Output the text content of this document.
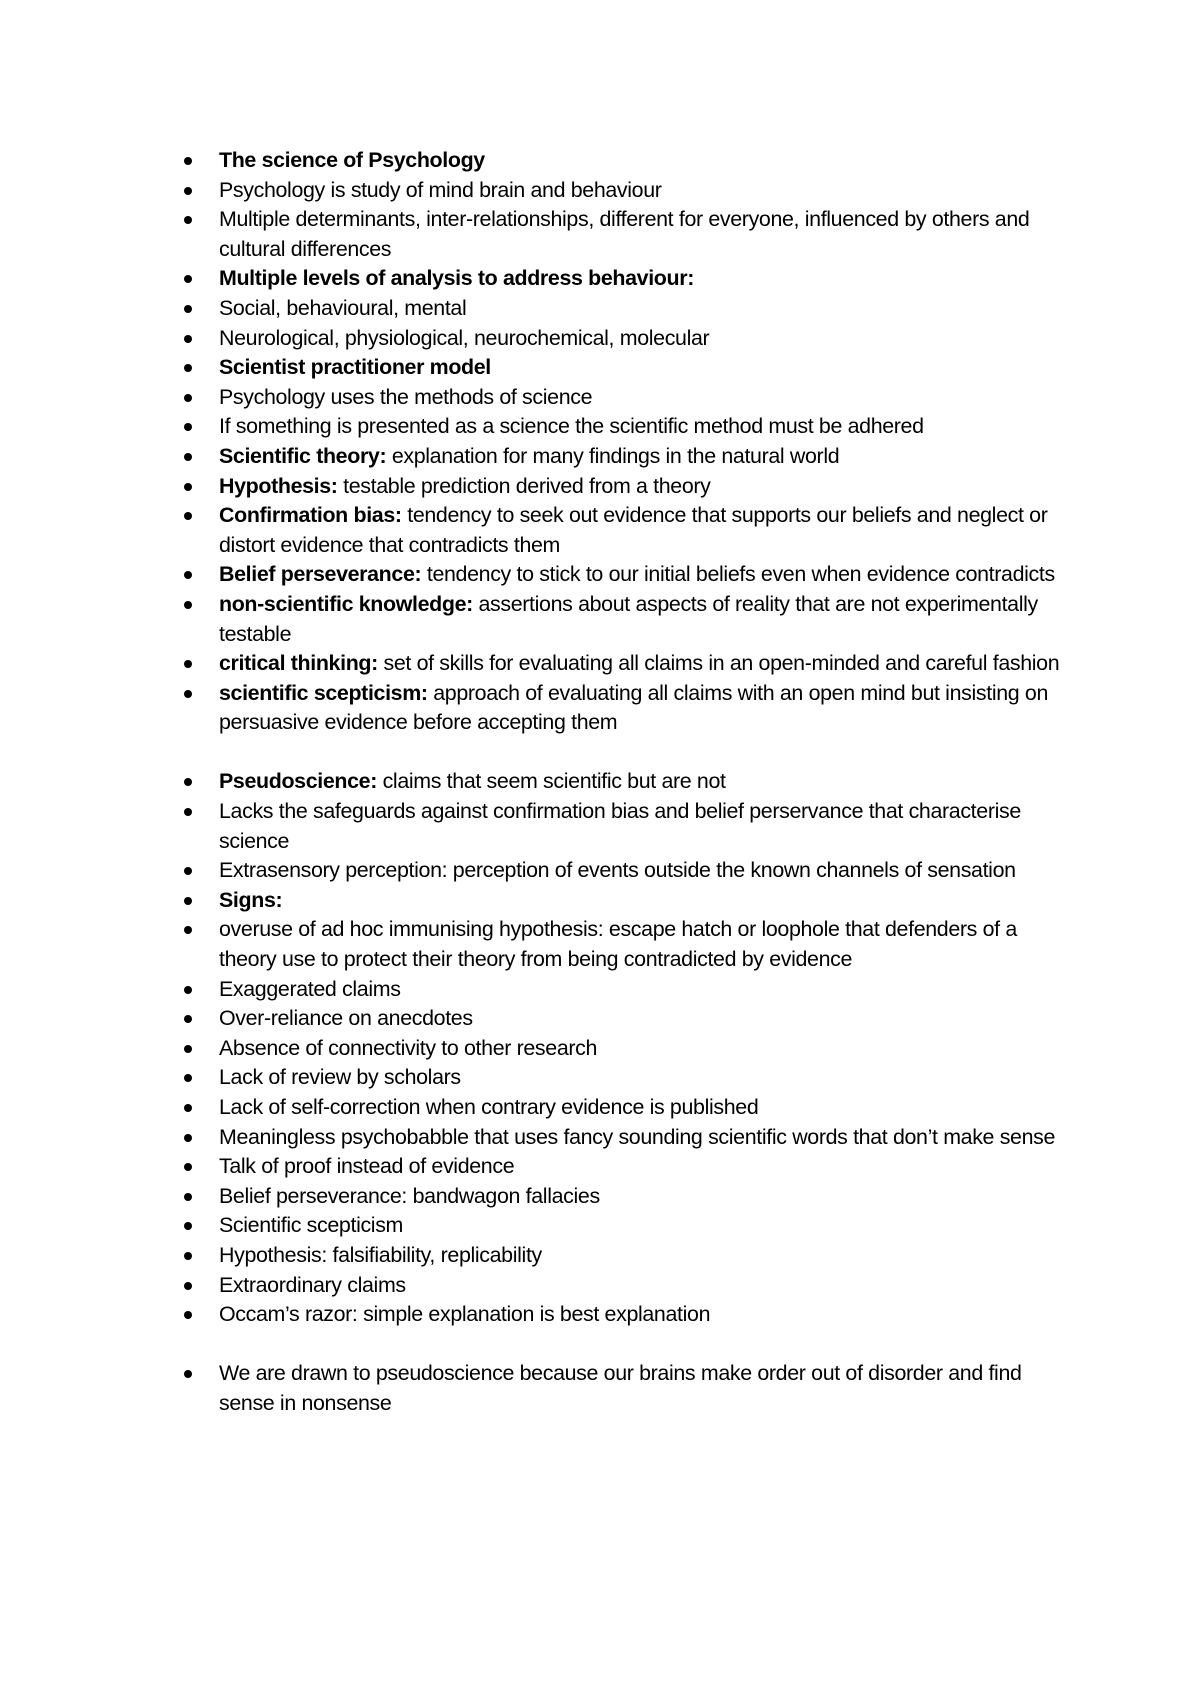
The science of Psychology
Psychology is study of mind brain and behaviour
Multiple determinants, inter-relationships, different for everyone, influenced by others and cultural differences
Multiple levels of analysis to address behaviour:
Social, behavioural, mental
Neurological, physiological, neurochemical, molecular
Scientist practitioner model
Psychology uses the methods of science
If something is presented as a science the scientific method must be adhered
Scientific theory: explanation for many findings in the natural world
Hypothesis: testable prediction derived from a theory
Confirmation bias: tendency to seek out evidence that supports our beliefs and neglect or distort evidence that contradicts them
Belief perseverance: tendency to stick to our initial beliefs even when evidence contradicts
non-scientific knowledge: assertions about aspects of reality that are not experimentally testable
critical thinking: set of skills for evaluating all claims in an open-minded and careful fashion
scientific scepticism: approach of evaluating all claims with an open mind but insisting on persuasive evidence before accepting them
Pseudoscience: claims that seem scientific but are not
Lacks the safeguards against confirmation bias and belief perservance that characterise science
Extrasensory perception: perception of events outside the known channels of sensation
Signs:
overuse of ad hoc immunising hypothesis: escape hatch or loophole that defenders of a theory use to protect their theory from being contradicted by evidence
Exaggerated claims
Over-reliance on anecdotes
Absence of connectivity to other research
Lack of review by scholars
Lack of self-correction when contrary evidence is published
Meaningless psychobabble that uses fancy sounding scientific words that don’t make sense
Talk of proof instead of evidence
Belief perseverance: bandwagon fallacies
Scientific scepticism
Hypothesis: falsifiability, replicability
Extraordinary claims
Occam’s razor: simple explanation is best explanation
We are drawn to pseudoscience because our brains make order out of disorder and find sense in nonsense
